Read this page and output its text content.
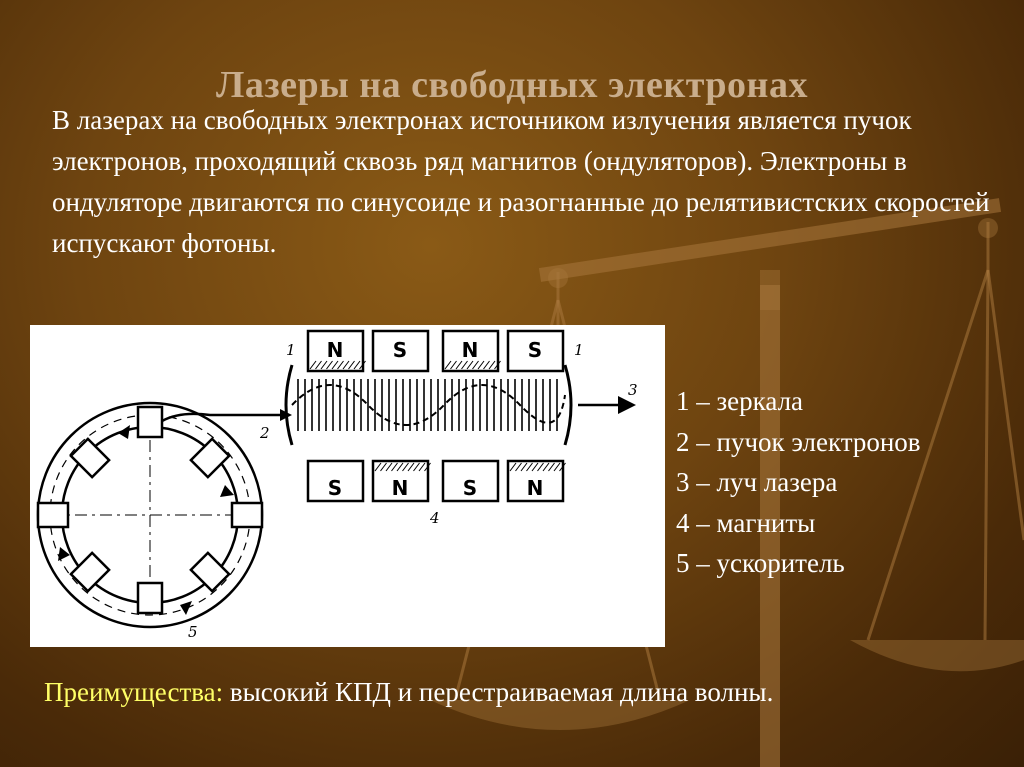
Лазеры на свободных электронах

В лазерах на свободных электронах источником излучения является пучок электронов, проходящий сквозь ряд магнитов (ондуляторов). Электроны в ондуляторе двигаются по синусоиде и разогнанные до релятивистских скоростей испускают фотоны.

N S	N S
S N	S N
1	1
2
3
4
5
1 – зеркала
2 – пучок электронов
3 – луч лазера
4 – магниты
5 – ускоритель
Преимущества: высокий КПД и перестраиваемая длина волны.
